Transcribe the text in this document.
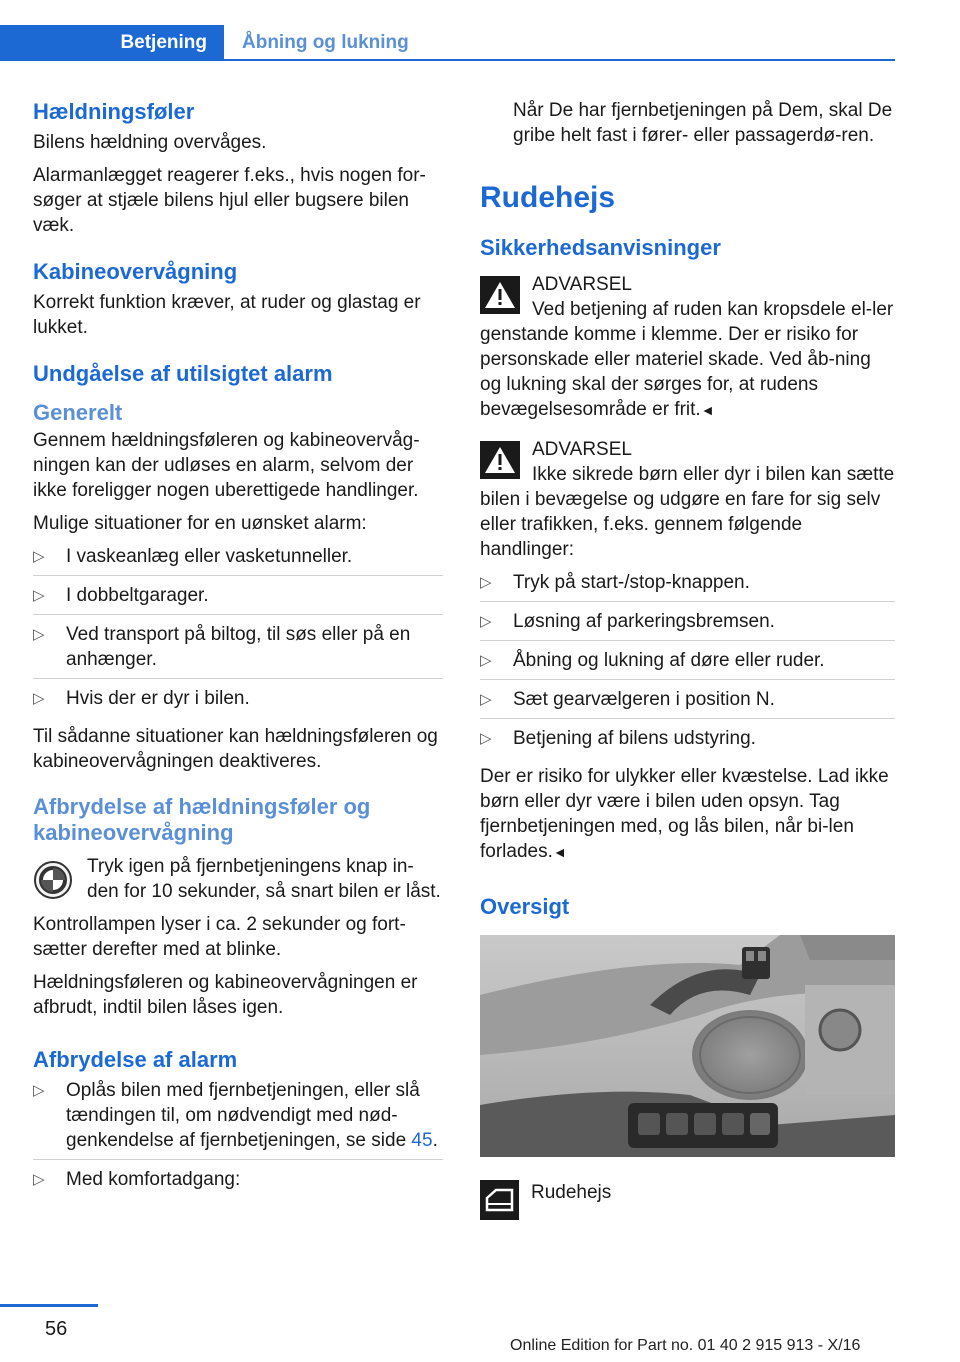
Betjening	Åbning og lukning
Hældningsføler

Bilens hældning overvåges.

Alarmanlægget reagerer f.eks., hvis nogen for‐søger at stjæle bilens hjul eller bugsere bilen væk.

Kabineovervågning

Korrekt funktion kræver, at ruder og glastag er lukket.

Undgåelse af utilsigtet alarm
Generelt

Gennem hældningsføleren og kabineovervåg‐ningen kan der udløses en alarm, selvom der ikke foreligger nogen uberettigede handlinger.

Mulige situationer for en uønsket alarm:

▷ I vaskeanlæg eller vasketunneller.
▷ I dobbeltgarager.
▷ Ved transport på biltog, til søs eller på en anhænger.
▷ Hvis der er dyr i bilen.

Til sådanne situationer kan hældningsføleren og kabineovervågningen deaktiveres.

Afbrydelse af hældningsføler og kabineovervågning

Tryk igen på fjernbetjeningens knap in‐den for 10 sekunder, så snart bilen er låst.

Kontrollampen lyser i ca. 2 sekunder og fort‐sætter derefter med at blinke.

Hældningsføleren og kabineovervågningen er afbrudt, indtil bilen låses igen.

Afbrydelse af alarm
▷ Oplås bilen med fjernbetjeningen, eller slå tændingen til, om nødvendigt med nød‐genkendelse af fjernbetjeningen, se side 45.
▷ Med komfortadgang:

Når De har fjernbetjeningen på Dem, skal De gribe helt fast i fører- eller passagerdø‐ren.

Rudehejs
Sikkerhedsanvisninger

ADVARSEL

Ved betjening af ruden kan kropsdele el‐ler genstande komme i klemme. Der er risiko for personskade eller materiel skade. Ved åb‐ning og lukning skal der sørges for, at rudens bevægelsesområde er frit.◄

ADVARSEL

Ikke sikrede børn eller dyr i bilen kan sætte bilen i bevægelse og udgøre en fare for sig selv eller trafikken, f.eks. gennem følgende handlinger:

▷ Tryk på start-/stop-knappen.
▷ Løsning af parkeringsbremsen.
▷ Åbning og lukning af døre eller ruder.
▷ Sæt gearvælgeren i position N.
▷ Betjening af bilens udstyring.

Der er risiko for ulykker eller kvæstelse. Lad ikke børn eller dyr være i bilen uden opsyn. Tag fjernbetjeningen med, og lås bilen, når bi‐len forlades.◄

Oversigt

Rudehejs

56
Online Edition for Part no. 01 40 2 915 913 - X/16
